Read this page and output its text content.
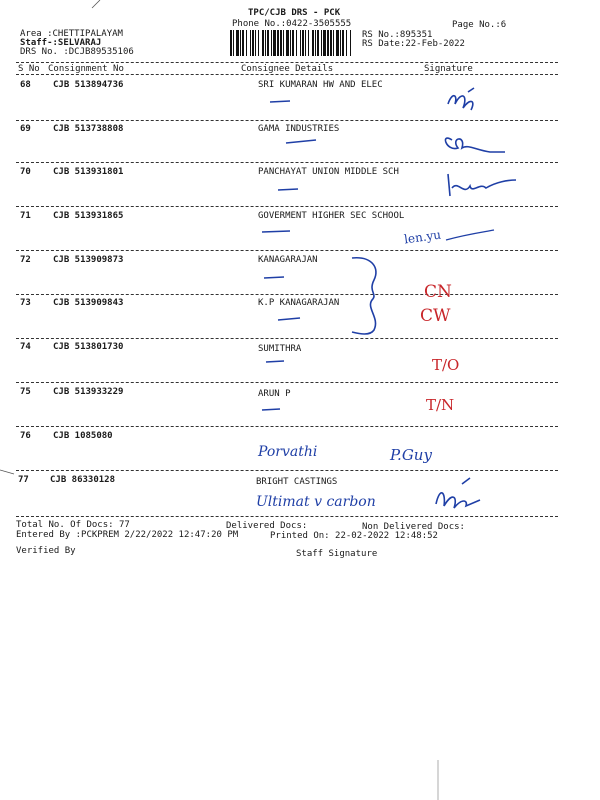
TPC/CJB DRS - PCK
Phone No.:0422-3505555	Page No.:6
Area :CHETTIPALAYAM
Staff-:SELVARAJ
DRS No. :DCJB89535106
RS No.:895351
RS Date:22-Feb-2022
S No Consignment No	Consignee Details	Signature
68 CJB 513894736	SRI KUMARAN HW AND ELEC
69 CJB 513738808	GAMA INDUSTRIES
70 CJB 513931801	PANCHAYAT UNION MIDDLE SCH
71 CJB 513931865	GOVERMENT HIGHER SEC SCHOOL
72 CJB 513909873	KANAGARAJAN
73 CJB 513909843	K.P KANAGARAJAN
74 CJB 513801730	SUMITHRA
75 CJB 513933229	ARUN P
76 CJB 1085080
77 CJB 86330128	BRIGHT CASTINGS
len.yu
CN
CW
T/O
T/N
Porvathi	P.Guy
Ultimat v carbon
Total No. Of Docs: 77	Delivered Docs:	Non Delivered Docs:
Entered By :PCKPREM 2/22/2022 12:47:20 PM	Printed On: 22-02-2022 12:48:52
Verified By	Staff Signature
